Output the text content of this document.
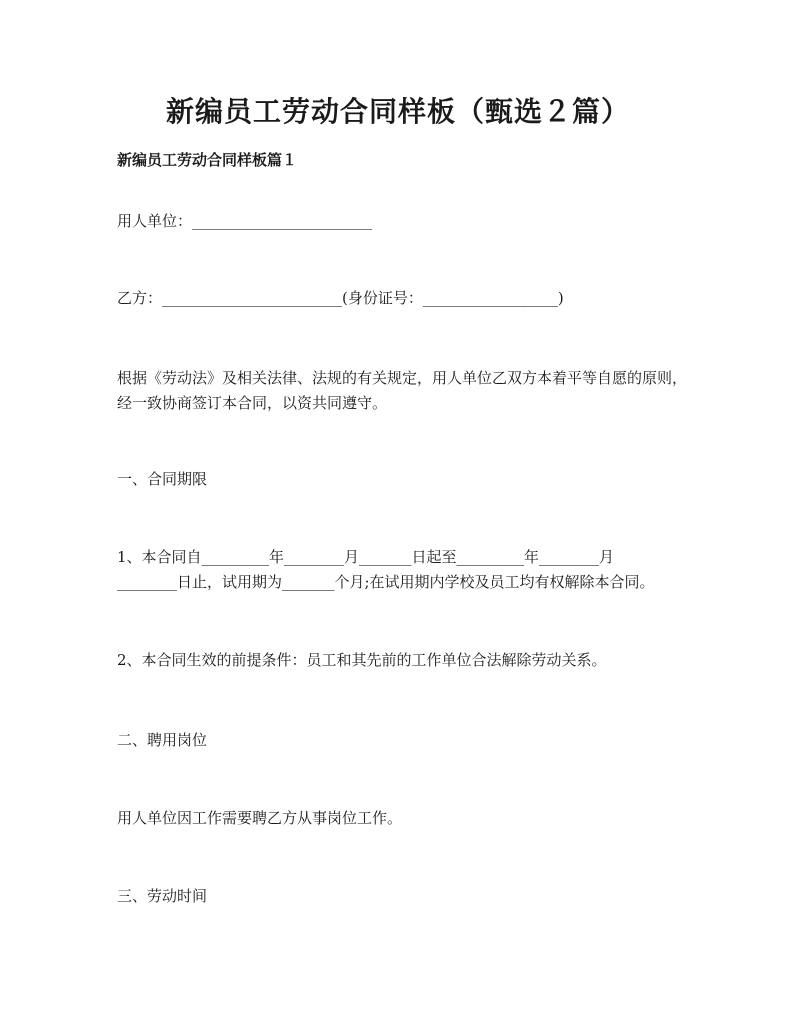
新编员工劳动合同样板（甄选２篇）
新编员工劳动合同样板篇１
用人单位：________________________
乙方：________________________(身份证号：__________________)
根据《劳动法》及相关法律、法规的有关规定，用人单位乙双方本着平等自愿的原则，经一致协商签订本合同，以资共同遵守。
一、合同期限
1、本合同自_________年________月_______日起至_________年________月
________日止，试用期为_______个月;在试用期内学校及员工均有权解除本合同。
2、本合同生效的前提条件：员工和其先前的工作单位合法解除劳动关系。
二、聘用岗位
用人单位因工作需要聘乙方从事岗位工作。
三、劳动时间
